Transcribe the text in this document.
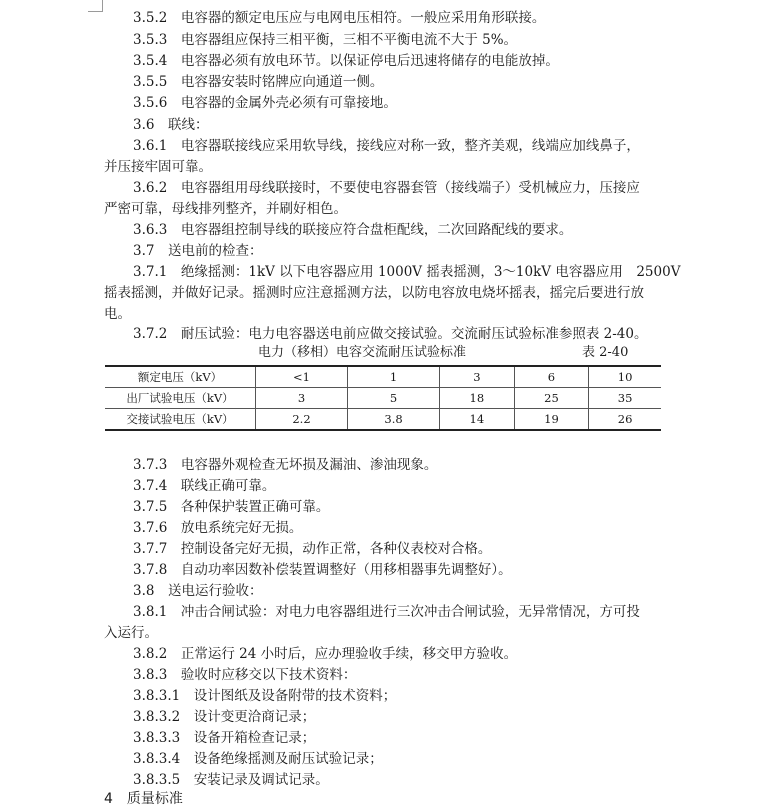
3.5.2　电容器的额定电压应与电网电压相符。一般应采用角形联接。
3.5.3　电容器组应保持三相平衡，三相不平衡电流不大于 5%。
3.5.4　电容器必须有放电环节。以保证停电后迅速将储存的电能放掉。
3.5.5　电容器安装时铭牌应向通道一侧。
3.5.6　电容器的金属外壳必须有可靠接地。
3.6　联线：
3.6.1　电容器联接线应采用软导线，接线应对称一致，整齐美观，线端应加线鼻子，
并压接牢固可靠。
3.6.2　电容器组用母线联接时，不要使电容器套管（接线端子）受机械应力，压接应
严密可靠，母线排列整齐，并刷好相色。
3.6.3　电容器组控制导线的联接应符合盘柜配线，二次回路配线的要求。
3.7　送电前的检查：
3.7.1　绝缘摇测：1kV 以下电容器应用 1000V 摇表摇测，3～10kV 电容器应用　2500V
摇表摇测，并做好记录。摇测时应注意摇测方法，以防电容放电烧坏摇表，摇完后要进行放
电。
3.7.2　耐压试验：电力电容器送电前应做交接试验。交流耐压试验标准参照表 2-40。
电力（移相）电容交流耐压试验标准	表 2-40
额定电压（kV）	<1	1	3	6	10
出厂试验电压（kV）	3	5	18	25	35
交接试验电压（kV）	2.2	3.8	14	19	26
3.7.3　电容器外观检查无坏损及漏油、渗油现象。
3.7.4　联线正确可靠。
3.7.5　各种保护装置正确可靠。
3.7.6　放电系统完好无损。
3.7.7　控制设备完好无损，动作正常，各种仪表校对合格。
3.7.8　自动功率因数补偿装置调整好（用移相器事先调整好）。
3.8　送电运行验收：
3.8.1　冲击合闸试验：对电力电容器组进行三次冲击合闸试验，无异常情况，方可投
入运行。
3.8.2　正常运行 24 小时后，应办理验收手续，移交甲方验收。
3.8.3　验收时应移交以下技术资料：
3.8.3.1　设计图纸及设备附带的技术资料；
3.8.3.2　设计变更洽商记录；
3.8.3.3　设备开箱检查记录；
3.8.3.4　设备绝缘摇测及耐压试验记录；
3.8.3.5　安装记录及调试记录。
4　质量标准
